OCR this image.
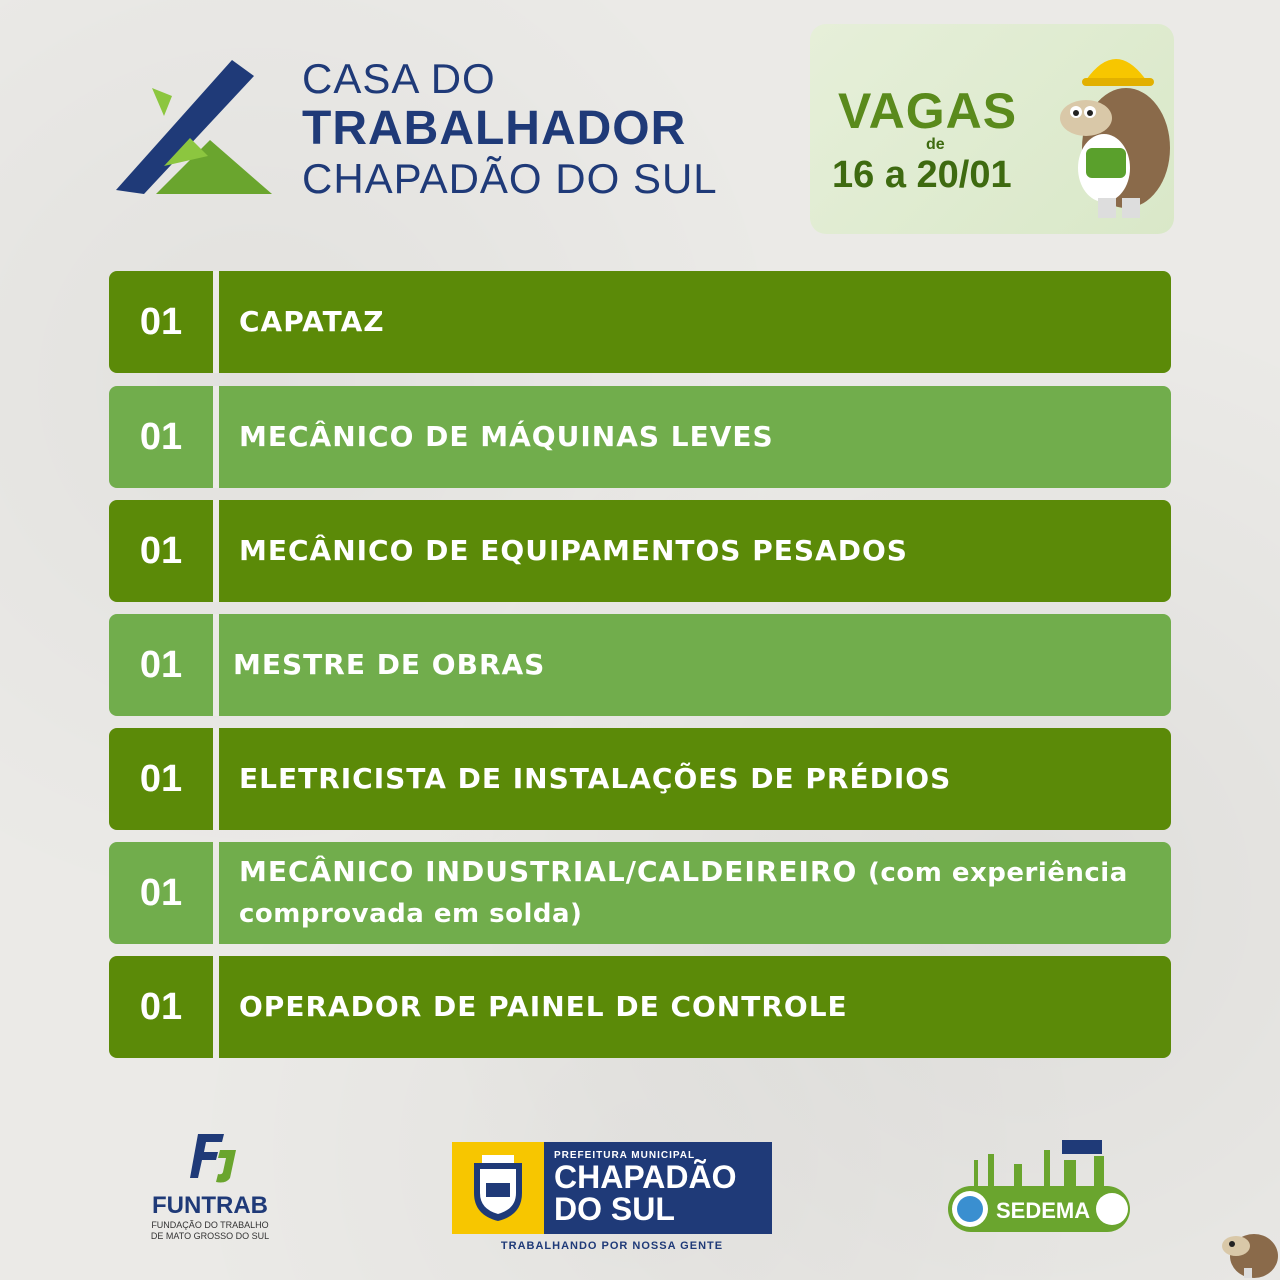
CASA DO
TRABALHADOR
CHAPADÃO DO SUL
VAGAS
de
16 a 20/01
01	CAPATAZ
01	MECÂNICO DE MÁQUINAS LEVES
01	MECÂNICO DE EQUIPAMENTOS PESADOS
01	MESTRE DE OBRAS
01	ELETRICISTA DE INSTALAÇÕES DE PRÉDIOS
01	MECÂNICO INDUSTRIAL/CALDEIREIRO (com experiência comprovada em solda)
01	OPERADOR DE PAINEL DE CONTROLE
FUNTRAB
FUNDAÇÃO DO TRABALHO
DE MATO GROSSO DO SUL
PREFEITURA MUNICIPAL
CHAPADÃO
DO SUL
TRABALHANDO POR NOSSA GENTE
SEDEMA
